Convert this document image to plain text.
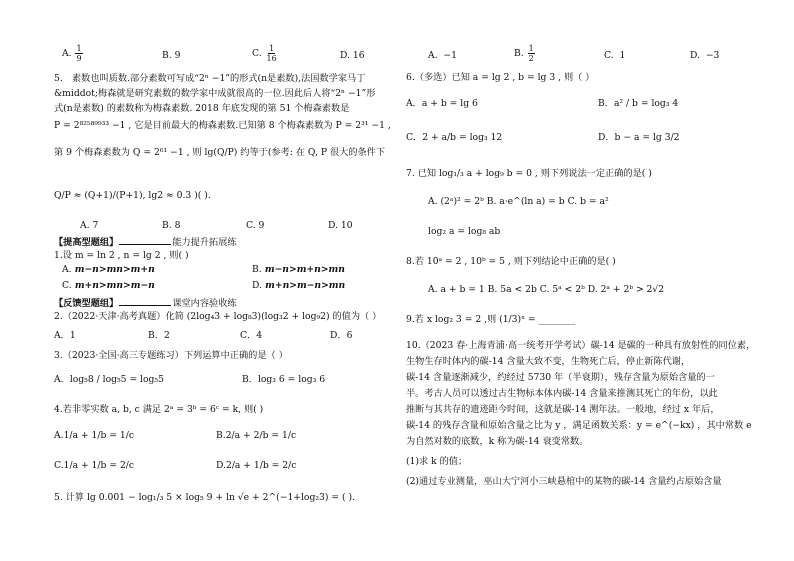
A. $\frac{1}{9}$	B. 9	C. $\frac{1}{16}$	D. 16
5.　素数也叫质数.部分素数可写成“2ⁿ −1”的形式(n是素数),法国数学家马丁
&middot;梅森就是研究素数的数学家中成就很高的一位.因此后人将“2ⁿ −1”形
式(n是素数) 的素数称为梅森素数. 2018 年底发现的第 51 个梅森素数是
P = 2⁸²⁵⁸⁹⁹³³ −1 , 它是目前最大的梅森素数.已知第 8 个梅森素数为 P = 2³¹ −1 ,
第 9 个梅森素数为 Q = 2⁶¹ −1 , 则 lg(Q/P) 约等于(参考: 在 Q, P 很大的条件下
Q/P ≈ (Q+1)/(P+1), lg2 ≈ 0.3 )( ).
A. 7	B. 8	C. 9	D. 10
【提高型题组】	能力提升拓展练
1.设 m = ln 2 , n = lg 2 , 则( )
A. m−n>mn>m+n	B. m−n>m+n>mn
C. m+n>mn>m−n	D. m+n>m−n>mn
【反馈型题组】	课堂内容验收练
2.（2022·天津·高考真题）化简 (2log₄3 + log₈3)(log₃2 + log₉2) 的值为（ ）
A．1	B．2	C．4	D．6
3.（2023·全国·高三专题练习）下列运算中正确的是（ ）
A．log₅8 / log₅5 = log₅5	B．log₃ 6 = log₃ 6
4.若非零实数 a, b, c 满足 2ᵃ = 3ᵇ = 6ᶜ = k, 则( )
A.1/a + 1/b = 1/c	B.2/a + 2/b = 1/c
C.1/a + 1/b = 2/c	D.2/a + 1/b = 2/c
5. 计算 lg 0.001 − log₁/₃ 5 × log₅ 9 + ln √e + 2^(−1+log₂3) = ( ).
A. −1	B. $\frac{1}{2}$	C. 1	D. −3
6.（多选）已知 a = lg 2 , b = lg 3 , 则（ ）
A．a + b = lg 6	B．a² / b = log₃ 4
C．2 + a/b = log₃ 12	D．b − a = lg 3/2
7. 已知 log₁/₃ a + log₉ b = 0 , 则下列说法一定正确的是( )
A. (2ᵃ)² = 2ᵇ B. a·e^(ln a) = b C. b = a²
log₂ a = log₈ ab
8.若 10ᵃ = 2 , 10ᵇ = 5 , 则下列结论中正确的是( )
A. a + b = 1 B. 5a < 2b C. 5ᵃ < 2ᵇ D. 2ᵃ + 2ᵇ > 2√2
9.若 x log₂ 3 = 2 ,则 (1/3)ˣ = ________
10.（2023 春·上海青浦·高一统考开学考试）碳-14 是碳的一种具有放射性的同位素，
生物生存时体内的碳-14 含量大致不变，生物死亡后，停止新陈代谢，
碳-14 含量逐渐减少，约经过 5730 年（半衰期），残存含量为原始含量的一
半。考古人员可以透过古生物标本体内碳-14 含量来推测其死亡的年份，以此
推断与其共存的遗迹距今时间，这就是碳-14 测年法。一般地，经过 x 年后，
碳-14 的残存含量和原始含量之比为 y ，满足函数关系：y = e^(−kx) ，其中常数 e
为自然对数的底数，k 称为碳-14 衰变常数。
(1)求 k 的值；
(2)通过专业测量，巫山大宁河小三峡悬棺中的某物的碳-14 含量约占原始含量
